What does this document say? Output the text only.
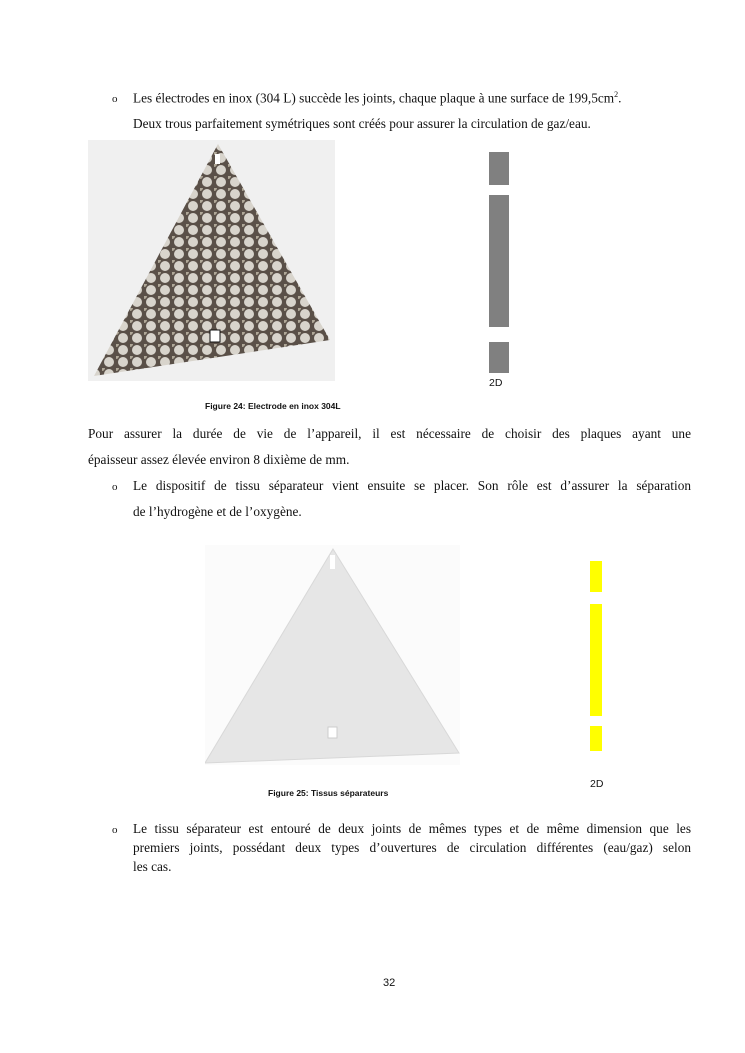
o Les électrodes en inox (304 L) succède les joints, chaque plaque à une surface de $199,5cm^2$.
Deux trous parfaitement symétriques sont créés pour assurer la circulation de gaz/eau.
2D
Figure 24: Electrode en inox 304L
Pour assurer la durée de vie de l’appareil, il est nécessaire de choisir des plaques ayant une
épaisseur assez élevée environ 8 dixième de mm.
o Le dispositif de tissu séparateur vient ensuite se placer. Son rôle est d’assurer la séparation
de l’hydrogène et de l’oxygène.
2D
Figure 25: Tissus séparateurs
o Le tissu séparateur est entouré de deux joints de mêmes types et de même dimension que les
premiers joints, possédant deux types d’ouvertures de circulation différentes (eau/gaz) selon
les cas.
32
